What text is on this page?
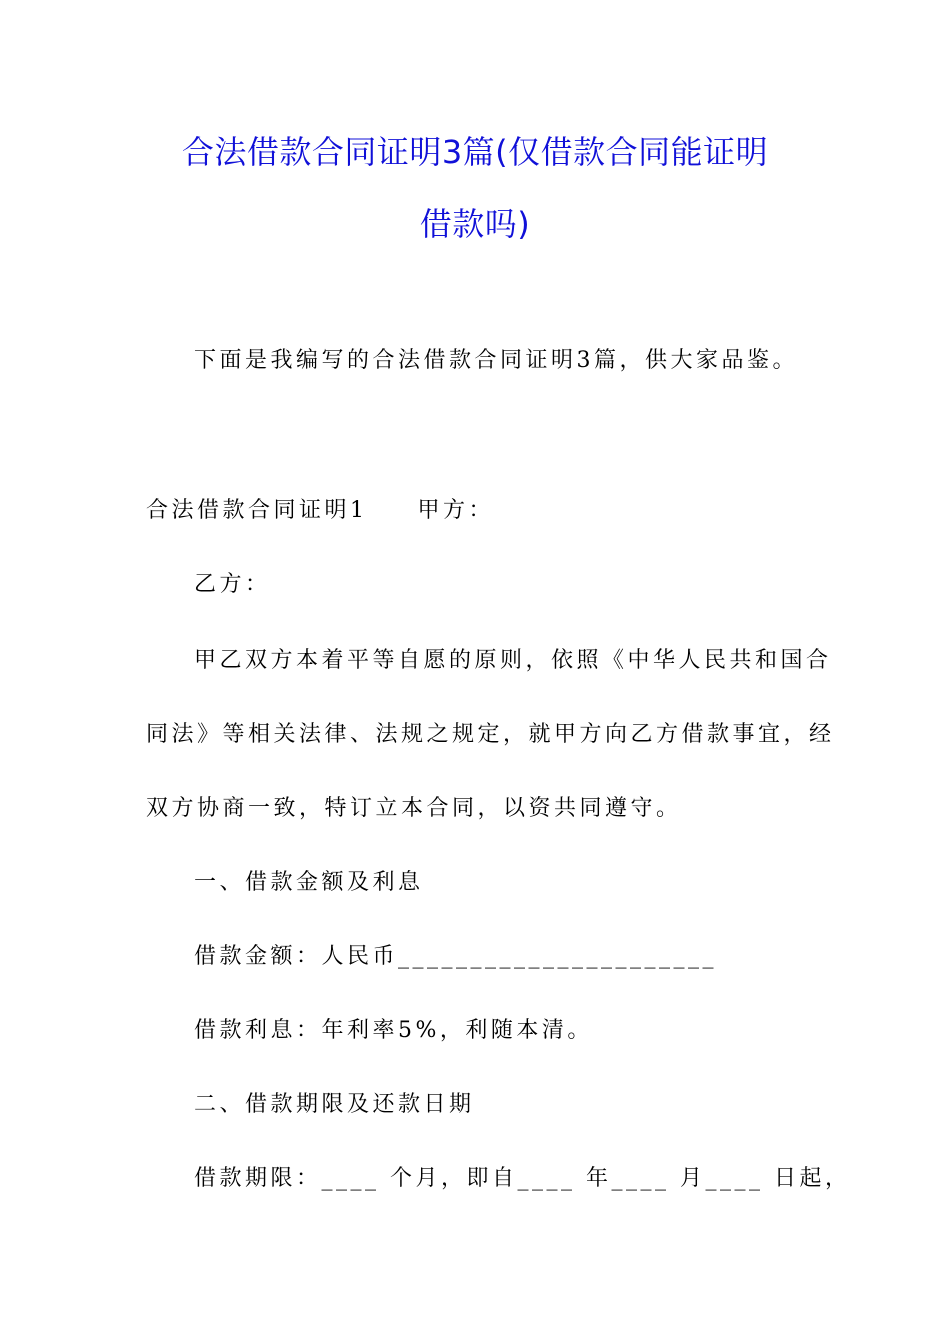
合法借款合同证明3篇(仅借款合同能证明
借款吗)
下面是我编写的合法借款合同证明3篇，供大家品鉴。
合法借款合同证明1 甲方：
乙方：
甲乙双方本着平等自愿的原则，依照《中华人民共和国合
同法》等相关法律、法规之规定，就甲方向乙方借款事宜，经
双方协商一致，特订立本合同，以资共同遵守。
一、借款金额及利息
借款金额：人民币______________________
借款利息：年利率5%，利随本清。
二、借款期限及还款日期
借款期限：____ 个月，即自____ 年____ 月____ 日起，
